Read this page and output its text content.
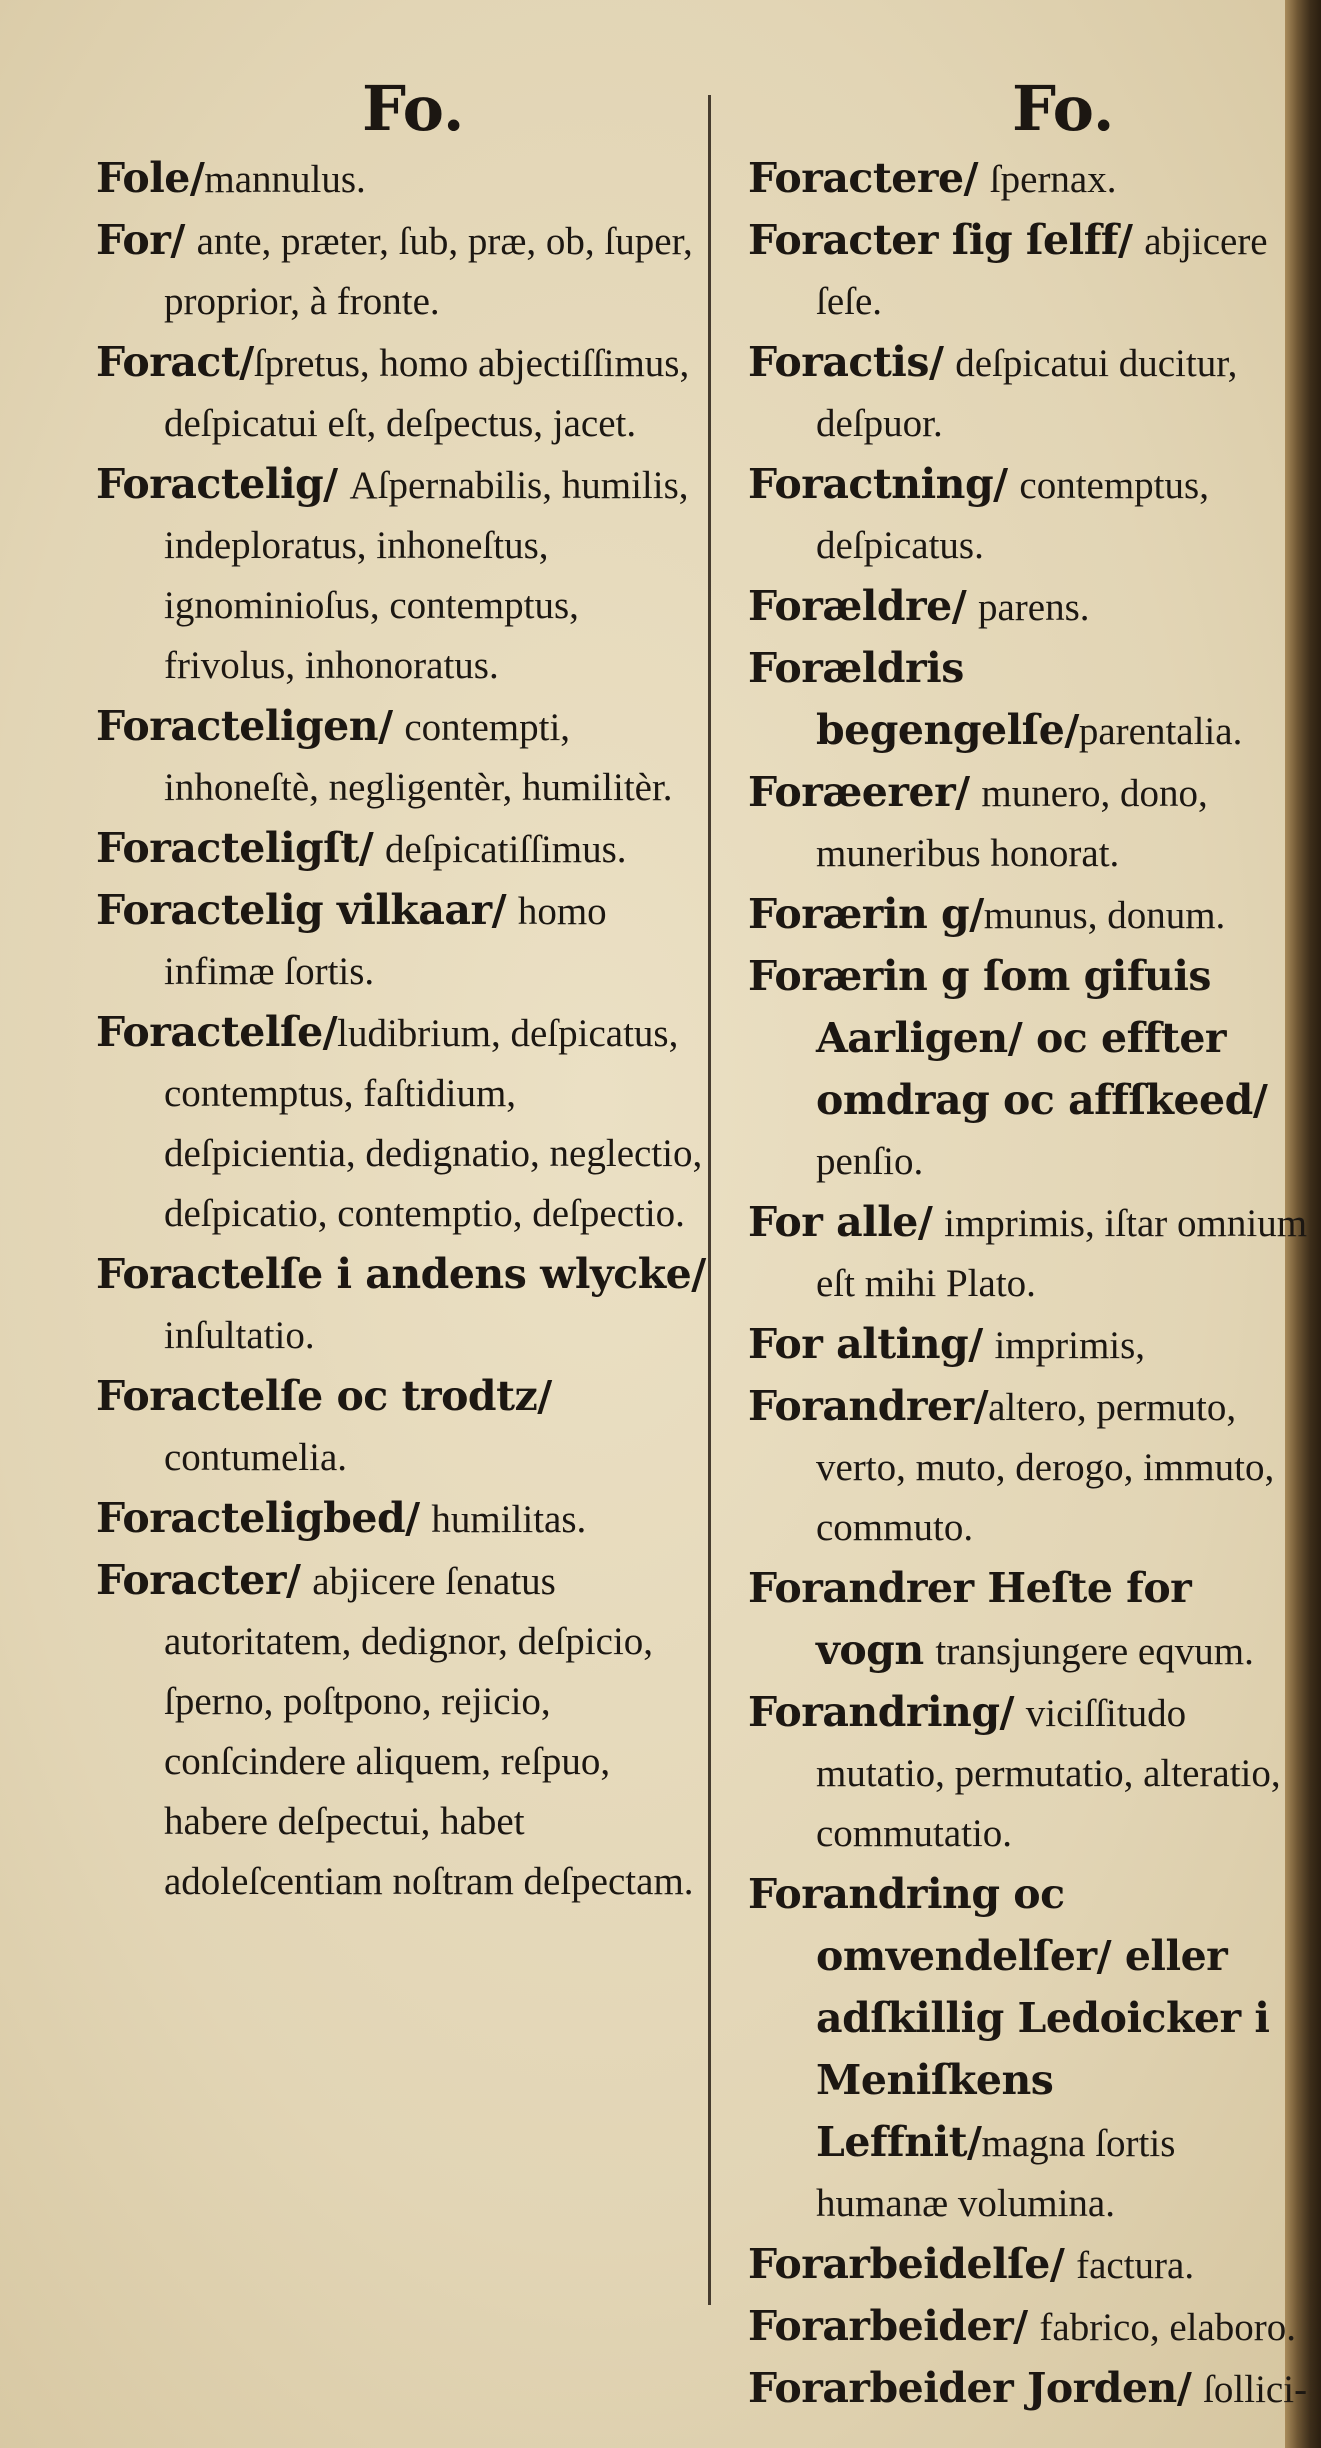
Fo.	Fo.

Fole/mannulus.

For/ ante, præter, ſub, præ, ob, ſuper, proprior, à fronte.

Foract/ſpretus, homo abjectiſſimus, deſpicatui eſt, deſpectus, jacet.

Foractelig/ Aſpernabilis, humilis, indeploratus, inhoneſtus, ignominioſus, contemptus, frivolus, inhonoratus.

Foracteligen/ contempti, inhoneſtè, negligentèr, humilitèr.

Foracteligſt/ deſpicatiſſimus.

Foractelig vilkaar/ homo infimæ ſortis.

Foractelſe/ludibrium, deſpicatus, contemptus, faſtidium, deſpicientia, dedignatio, neglectio, deſpicatio, contemptio, deſpectio.

Foractelſe i andens wlycke/ inſultatio.

Foractelſe oc trodtz/ contumelia.

Foracteligbed/ humilitas.

Foracter/ abjicere ſenatus autoritatem, dedignor, deſpicio, ſperno, poſtpono, rejicio, conſcindere aliquem, reſpuo, habere deſpectui, habet adoleſcentiam noſtram deſpectam.

Foractere/ ſpernax.

Foracter ſig ſelff/ abjicere ſeſe.

Foractis/ deſpicatui ducitur, deſpuor.

Foractning/ contemptus, deſpicatus.

Forældre/ parens.

Forældris begengelſe/parentalia.

Foræerer/ munero, dono, muneribus honorat.

Forærin g/munus, donum.

Forærin g ſom gifuis Aarligen/ oc effter omdrag oc affſkeed/ penſio.

For alle/ imprimis, iſtar omnium eſt mihi Plato.

For alting/ imprimis,

Forandrer/altero, permuto, verto, muto, derogo, immuto, commuto.

Forandrer Heſte for vogn transjungere eqvum.

Forandring/ viciſſitudo mutatio, permutatio, alteratio, commutatio.

Forandring oc omvendelſer/ eller adſkillig Ledoicker i Meniſkens Leffnit/magna ſortis humanæ volumina.

Forarbeidelſe/ factura.

Forarbeider/ fabrico, elaboro.

Forarbeider Jorden/ ſollici-
